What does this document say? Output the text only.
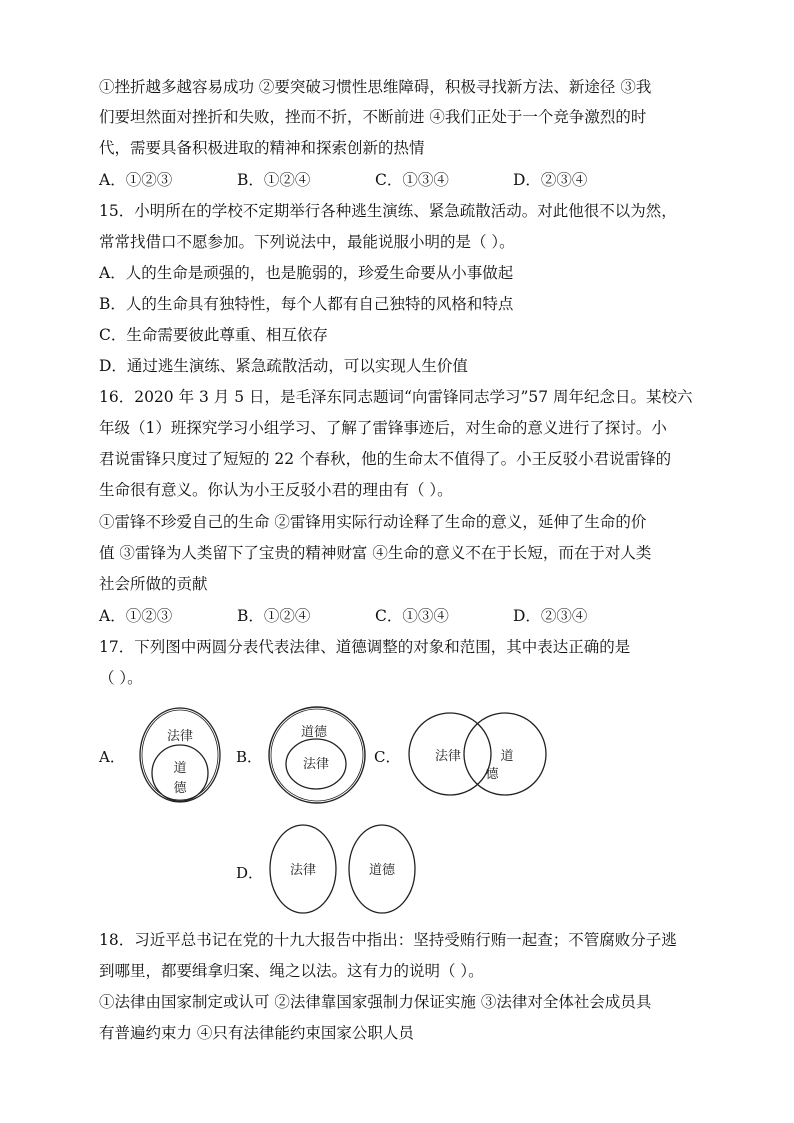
①挫折越多越容易成功 ②要突破习惯性思维障碍，积极寻找新方法、新途径 ③我
们要坦然面对挫折和失败，挫而不折，不断前进 ④我们正处于一个竞争激烈的时
代，需要具备积极进取的精神和探索创新的热情
A．①②③	B．①②④	C．①③④	D．②③④
15．小明所在的学校不定期举行各种逃生演练、紧急疏散活动。对此他很不以为然，
常常找借口不愿参加。下列说法中，最能说服小明的是（ ）。
A．人的生命是顽强的，也是脆弱的，珍爱生命要从小事做起
B．人的生命具有独特性，每个人都有自己独特的风格和特点
C．生命需要彼此尊重、相互依存
D．通过逃生演练、紧急疏散活动，可以实现人生价值
16．2020 年 3 月 5 日，是毛泽东同志题词“向雷锋同志学习”57 周年纪念日。某校六
年级（1）班探究学习小组学习、了解了雷锋事迹后，对生命的意义进行了探讨。小
君说雷锋只度过了短短的 22 个春秋，他的生命太不值得了。小王反驳小君说雷锋的
生命很有意义。你认为小王反驳小君的理由有（ ）。
①雷锋不珍爱自己的生命 ②雷锋用实际行动诠释了生命的意义，延伸了生命的价
值 ③雷锋为人类留下了宝贵的精神财富 ④生命的意义不在于长短，而在于对人类
社会所做的贡献
A．①②③	B．①②④	C．①③④	D．②③④
17．下列图中两圆分表代表法律、道德调整的对象和范围，其中表达正确的是
（ ）。
A．
法律
道
德
B．
道德
法律	C．	法律	道
德
D． 法律	道德
18．习近平总书记在党的十九大报告中指出：坚持受贿行贿一起查；不管腐败分子逃
到哪里，都要缉拿归案、绳之以法。这有力的说明（ ）。
①法律由国家制定或认可 ②法律靠国家强制力保证实施 ③法律对全体社会成员具
有普遍约束力 ④只有法律能约束国家公职人员
